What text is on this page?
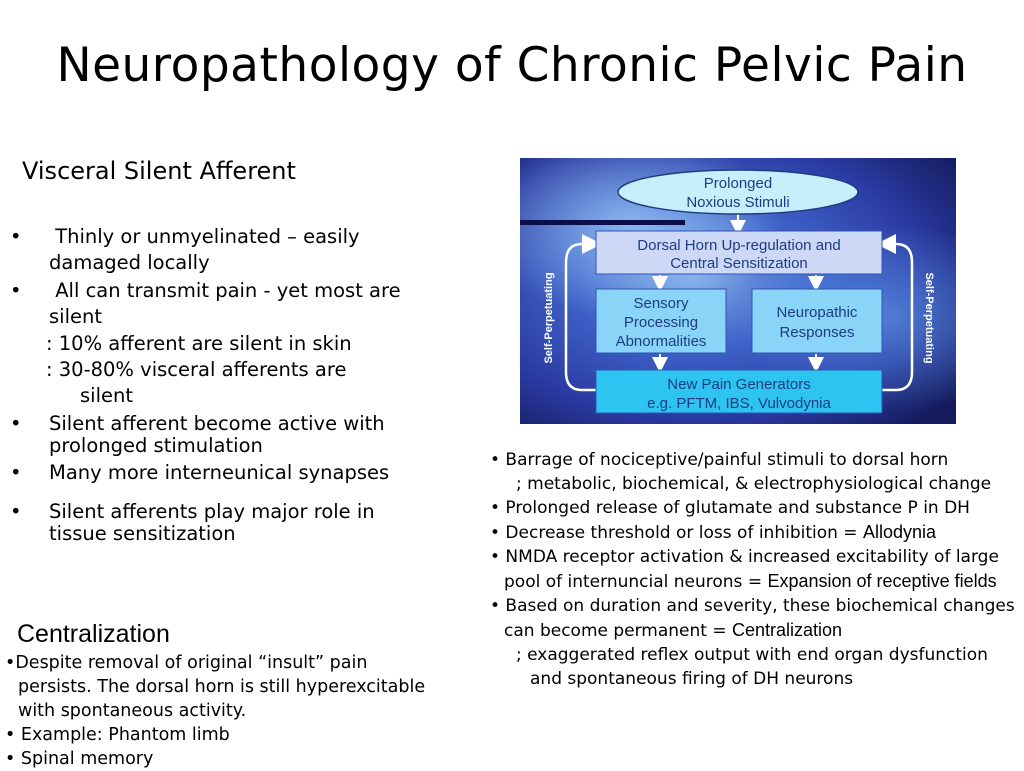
Neuropathology of Chronic Pelvic Pain
Visceral Silent Afferent
• Thinly or unmyelinated – easily
damaged locally
• All can transmit pain - yet most are
silent
: 10% afferent are silent in skin
: 30-80% visceral afferents are
silent
• Silent afferent become active with
prolonged stimulation
• Many more interneunical synapses
• Silent afferents play major role in
tissue sensitization
Centralization
•Despite removal of original “insult” pain persists. The dorsal horn is still hyperexcitable with spontaneous activity.
• Example: Phantom limb
• Spinal memory
Prolonged
Noxious Stimuli
Dorsal Horn Up-regulation and
Central Sensitization
Sensory
Processing
Abnormalities
Neuropathic
Responses
New Pain Generators
e.g. PFTM, IBS, Vulvodynia
Self-Perpetuating	Self-Perpetuating
• Barrage of nociceptive/painful stimuli to dorsal horn
; metabolic, biochemical, & electrophysiological change
• Prolonged release of glutamate and substance P in DH
• Decrease threshold or loss of inhibition = Allodynia
• NMDA receptor activation & increased excitability of large pool of internuncial neurons = Expansion of receptive fields
• Based on duration and severity, these biochemical changes can become permanent = Centralization
; exaggerated reflex output with end organ dysfunction and spontaneous firing of DH neurons
